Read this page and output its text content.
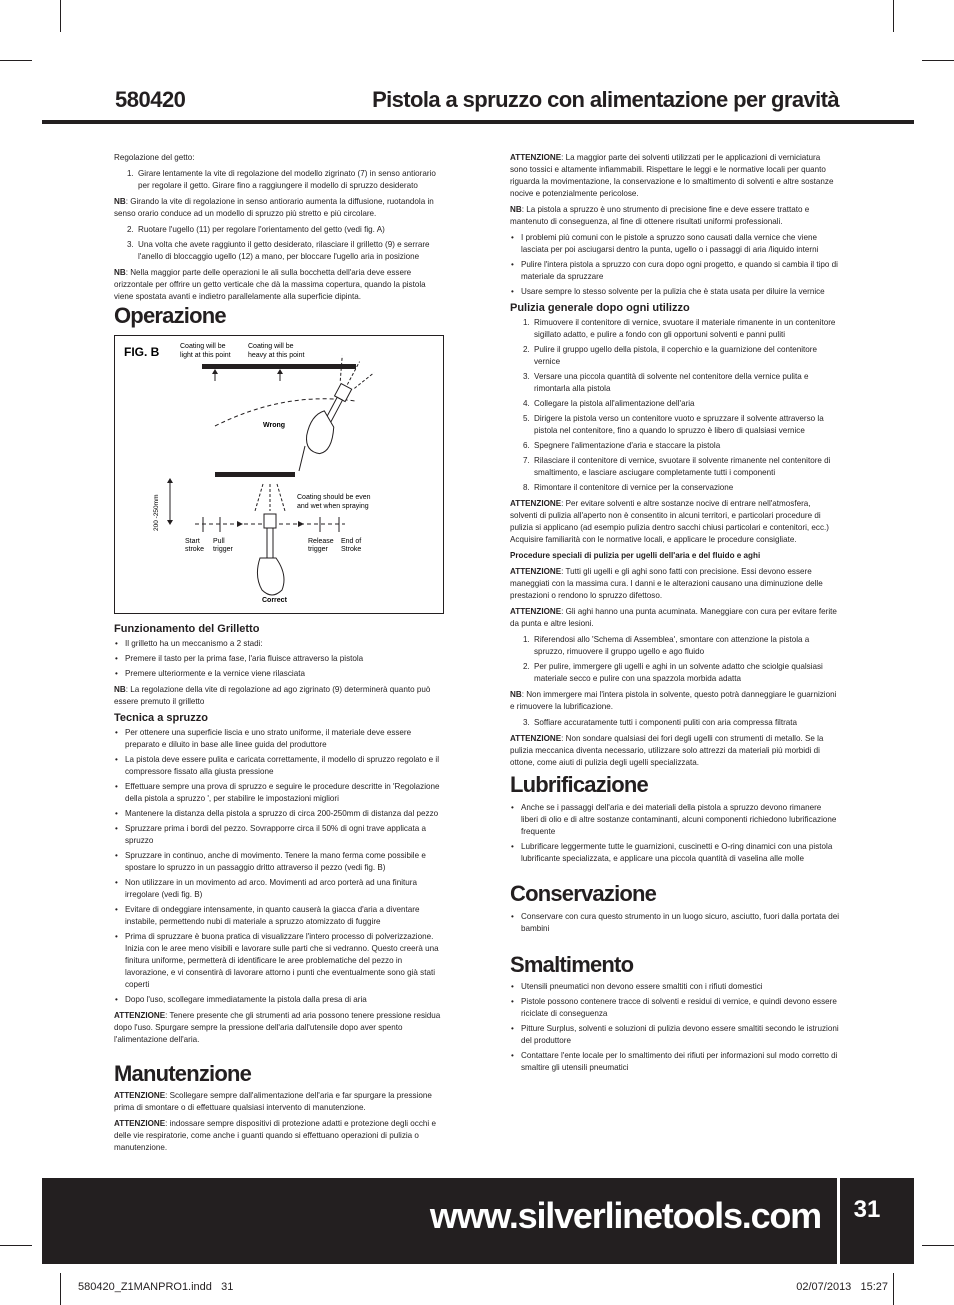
580420	Pistola a spruzzo con alimentazione per gravità

Regolazione del getto:

1. Girare lentamente la vite di regolazione del modello zigrinato (7) in senso antiorario per regolare il getto. Girare fino a raggiungere il modello di spruzzo desiderato

NB: Girando la vite di regolazione in senso antiorario aumenta la diffusione, ruotandola in senso orario conduce ad un modello di spruzzo più stretto e più circolare.

2. Ruotare l'ugello (11) per regolare l'orientamento del getto (vedi fig. A)
3. Una volta che avete raggiunto il getto desiderato, rilasciare il grilletto (9) e serrare l'anello di bloccaggio ugello (12) a mano, per bloccare l'ugello aria in posizione

NB: Nella maggior parte delle operazioni le ali sulla bocchetta dell'aria deve essere orizzontale per offrire un getto verticale che dà la massima copertura, quando la pistola viene spostata avanti e indietro parallelamente alla superficie dipinta.

Operazione
FIG. B	Coating will be
light at this point
Coating will be
heavy at this point
Wrong
200 -250mm	Coating should be even
and wet when spraying
Start
stroke
Pull
trigger
Release
trigger
End of
Stroke
Correct
Funzionamento del Grilletto
• Il grilletto ha un meccanismo a 2 stadi:
• Premere il tasto per la prima fase, l'aria fluisce attraverso la pistola
• Premere ulteriormente e la vernice viene rilasciata

NB: La regolazione della vite di regolazione ad ago zigrinato (9) determinerà quanto può essere premuto il grilletto

Tecnica a spruzzo
• Per ottenere una superficie liscia e uno strato uniforme, il materiale deve essere preparato e diluito in base alle linee guida del produttore
• La pistola deve essere pulita e caricata correttamente, il modello di spruzzo regolato e il compressore fissato alla giusta pressione
• Effettuare sempre una prova di spruzzo e seguire le procedure descritte in 'Regolazione della pistola a spruzzo ', per stabilire le impostazioni migliori
• Mantenere la distanza della pistola a spruzzo di circa 200-250mm di distanza dal pezzo
• Spruzzare prima i bordi del pezzo. Sovrapporre circa il 50% di ogni trave applicata a spruzzo
• Spruzzare in continuo, anche di movimento. Tenere la mano ferma come possibile e spostare lo spruzzo in un passaggio dritto attraverso il pezzo (vedi fig. B)
• Non utilizzare in un movimento ad arco. Movimenti ad arco porterà ad una finitura irregolare (vedi fig. B)
• Evitare di ondeggiare intensamente, in quanto causerà la giacca d'aria a diventare instabile, permettendo nubi di materiale a spruzzo atomizzato di fuggire
• Prima di spruzzare è buona pratica di visualizzare l'intero processo di polverizzazione. Inizia con le aree meno visibili e lavorare sulle parti che si vedranno. Questo creerà una finitura uniforme, permetterà di identificare le aree problematiche del pezzo in lavorazione, e vi consentirà di lavorare attorno i punti che eventualmente sono già stati coperti
• Dopo l'uso, scollegare immediatamente la pistola dalla presa di aria

ATTENZIONE: Tenere presente che gli strumenti ad aria possono tenere pressione residua dopo l'uso. Spurgare sempre la pressione dell'aria dall'utensile dopo aver spento l'alimentazione dell'aria.

Manutenzione

ATTENZIONE: Scollegare sempre dall'alimentazione dell'aria e far spurgare la pressione prima di smontare o di effettuare qualsiasi intervento di manutenzione.

ATTENZIONE: indossare sempre dispositivi di protezione adatti e protezione degli occhi e delle vie respiratorie, come anche i guanti quando si effettuano operazioni di pulizia o manutenzione.

ATTENZIONE: La maggior parte dei solventi utilizzati per le applicazioni di verniciatura sono tossici e altamente infiammabili. Rispettare le leggi e le normative locali per quanto riguarda la movimentazione, la conservazione e lo smaltimento di solventi e altre sostanze nocive e potenzialmente pericolose.

NB: La pistola a spruzzo è uno strumento di precisione fine e deve essere trattato e mantenuto di conseguenza, al fine di ottenere risultati uniformi professionali.

• I problemi più comuni con le pistole a spruzzo sono causati dalla vernice che viene lasciata per poi asciugarsi dentro la punta, ugello o i passaggi di aria /liquido interni
• Pulire l'intera pistola a spruzzo con cura dopo ogni progetto, e quando si cambia il tipo di materiale da spruzzare
• Usare sempre lo stesso solvente per la pulizia che è stata usata per diluire la vernice
Pulizia generale dopo ogni utilizzo
1. Rimuovere il contenitore di vernice, svuotare il materiale rimanente in un contenitore sigillato adatto, e pulire a fondo con gli opportuni solventi e panni puliti
2. Pulire il gruppo ugello della pistola, il coperchio e la guarnizione del contenitore vernice
3. Versare una piccola quantità di solvente nel contenitore della vernice pulita e rimontarla alla pistola
4. Collegare la pistola all'alimentazione dell'aria
5. Dirigere la pistola verso un contenitore vuoto e spruzzare il solvente attraverso la pistola nel contenitore, fino a quando lo spruzzo è libero di qualsiasi vernice
6. Spegnere l'alimentazione d'aria e staccare la pistola
7. Rilasciare il contenitore di vernice, svuotare il solvente rimanente nel contenitore di smaltimento, e lasciare asciugare completamente tutti i componenti
8. Rimontare il contenitore di vernice per la conservazione

ATTENZIONE: Per evitare solventi e altre sostanze nocive di entrare nell'atmosfera, solventi di pulizia all'aperto non è consentito in alcuni territori, e particolari procedure di pulizia si applicano (ad esempio pulizia dentro sacchi chiusi particolari e contenitori, ecc.) Acquisire familiarità con le normative locali, e applicare le procedure consigliate.

Procedure speciali di pulizia per ugelli dell'aria e del fluido e aghi

ATTENZIONE: Tutti gli ugelli e gli aghi sono fatti con precisione. Essi devono essere maneggiati con la massima cura. I danni e le alterazioni causano una diminuzione delle prestazioni o rendono lo spruzzo difettoso.

ATTENZIONE: Gli aghi hanno una punta acuminata. Maneggiare con cura per evitare ferite da punta e altre lesioni.

1. Riferendosi allo 'Schema di Assemblea', smontare con attenzione la pistola a spruzzo, rimuovere il gruppo ugello e ago fluido
2. Per pulire, immergere gli ugelli e aghi in un solvente adatto che sciolgie qualsiasi materiale secco e pulire con una spazzola morbida adatta

NB: Non immergere mai l'intera pistola in solvente, questo potrà danneggiare le guarnizioni e rimuovere la lubrificazione.

3. Soffiare accuratamente tutti i componenti puliti con aria compressa filtrata

ATTENZIONE: Non sondare qualsiasi dei fori degli ugelli con strumenti di metallo. Se la pulizia meccanica diventa necessario, utilizzare solo attrezzi da materiali più morbidi di ottone, come aiuti di pulizia degli ugelli specializzata.

Lubrificazione
• Anche se i passaggi dell'aria e dei materiali della pistola a spruzzo devono rimanere liberi di olio e di altre sostanze contaminanti, alcuni componenti richiedono lubrificazione frequente
• Lubrificare leggermente tutte le guarnizioni, cuscinetti e O-ring dinamici con una pistola lubrificante specializzata, e applicare una piccola quantità di vaselina alle molle
Conservazione
• Conservare con cura questo strumento in un luogo sicuro, asciutto, fuori dalla portata dei bambini
Smaltimento
• Utensili pneumatici non devono essere smaltiti con i rifiuti domestici
• Pistole possono contenere tracce di solventi e residui di vernice, e quindi devono essere riciclate di conseguenza
• Pitture Surplus, solventi e soluzioni di pulizia devono essere smaltiti secondo le istruzioni del produttore
• Contattare l'ente locale per lo smaltimento dei rifiuti per informazioni sul modo corretto di smaltire gli utensili pneumatici
www.silverlinetools.com	31
580420_Z1MANPRO1.indd   31	02/07/2013   15:27
